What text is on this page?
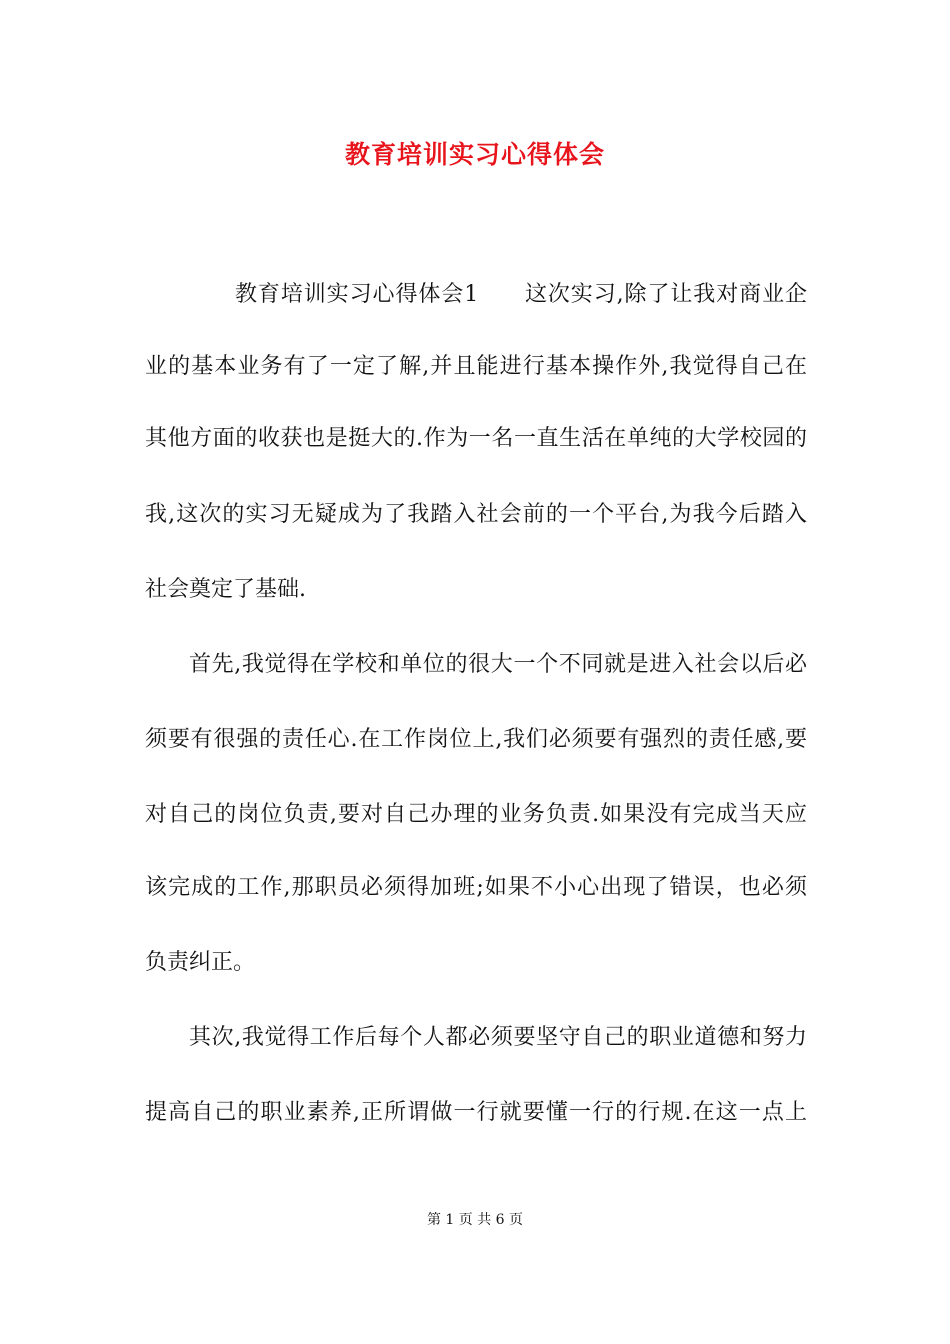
教育培训实习心得体会
教育培训实习心得体会1　　这次实习,除了让我对商业企
业的基本业务有了一定了解,并且能进行基本操作外,我觉得自己在
其他方面的收获也是挺大的.作为一名一直生活在单纯的大学校园的
我,这次的实习无疑成为了我踏入社会前的一个平台,为我今后踏入
社会奠定了基础.
首先,我觉得在学校和单位的很大一个不同就是进入社会以后必
须要有很强的责任心.在工作岗位上,我们必须要有强烈的责任感,要
对自己的岗位负责,要对自己办理的业务负责.如果没有完成当天应
该完成的工作,那职员必须得加班;如果不小心出现了错误，也必须
负责纠正。
其次,我觉得工作后每个人都必须要坚守自己的职业道德和努力
提高自己的职业素养,正所谓做一行就要懂一行的行规.在这一点上
第 1 页 共 6 页
